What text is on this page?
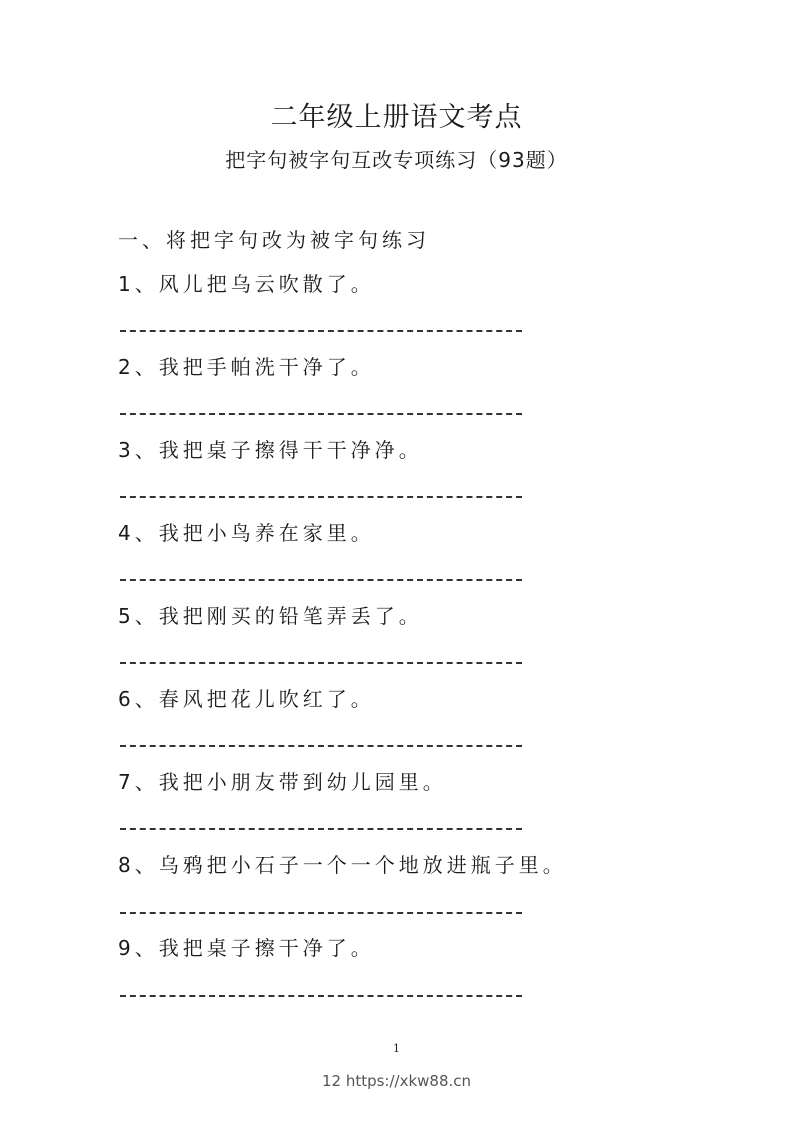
二年级上册语文考点
把字句被字句互改专项练习（93题）
一、将把字句改为被字句练习
1、风儿把乌云吹散了。
2、我把手帕洗干净了。
3、我把桌子擦得干干净净。
4、我把小鸟养在家里。
5、我把刚买的铅笔弄丢了。
6、春风把花儿吹红了。
7、我把小朋友带到幼儿园里。
8、乌鸦把小石子一个一个地放进瓶子里。
9、我把桌子擦干净了。
1
12 https://xkw88.cn
